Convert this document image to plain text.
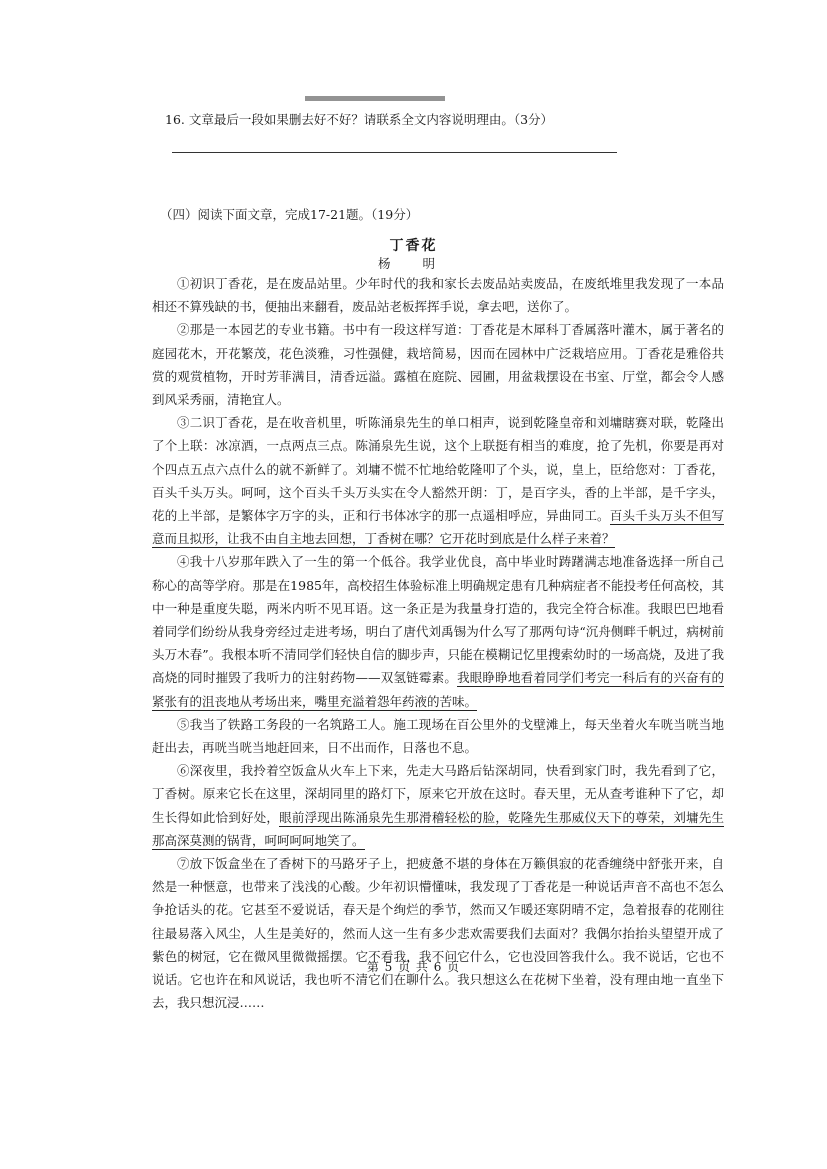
16. 文章最后一段如果删去好不好？请联系全文内容说明理由。（3分）
（四）阅读下面文章，完成17-21题。（19分）
丁香花
杨 明

①初识丁香花，是在废品站里。少年时代的我和家长去废品站卖废品，在废纸堆里我发现了一本品相还不算残缺的书，便抽出来翻看，废品站老板挥挥手说，拿去吧，送你了。

②那是一本园艺的专业书籍。书中有一段这样写道：丁香花是木犀科丁香属落叶灌木，属于著名的庭园花木，开花繁茂，花色淡雅，习性强健，栽培简易，因而在园林中广泛栽培应用。丁香花是雅俗共赏的观赏植物，开时芳菲满目，清香远溢。露植在庭院、园圃，用盆栽摆设在书室、厅堂，都会令人感到风采秀丽，清艳宜人。

③二识丁香花，是在收音机里，听陈涌泉先生的单口相声，说到乾隆皇帝和刘墉瞎赛对联，乾隆出了个上联：冰凉酒，一点两点三点。陈涌泉先生说，这个上联挺有相当的难度，抢了先机，你要是再对个四点五点六点什么的就不新鲜了。刘墉不慌不忙地给乾隆叩了个头，说，皇上，臣给您对：丁香花，百头千头万头。呵呵，这个百头千头万头实在令人豁然开朗：丁，是百字头，香的上半部，是千字头，花的上半部，是繁体字万字的头，正和行书体冰字的那一点遥相呼应，异曲同工。百头千头万头不但写意而且拟形，让我不由自主地去回想，丁香树在哪？它开花时到底是什么样子来着？

④我十八岁那年跌入了一生的第一个低谷。我学业优良，高中毕业时踌躇满志地准备选择一所自己称心的高等学府。那是在1985年，高校招生体验标准上明确规定患有几种病症者不能投考任何高校，其中一种是重度失聪，两米内听不见耳语。这一条正是为我量身打造的，我完全符合标准。我眼巴巴地看着同学们纷纷从我身旁经过走进考场，明白了唐代刘禹锡为什么写了那两句诗“沉舟侧畔千帆过，病树前头万木春”。我根本听不清同学们轻快自信的脚步声，只能在模糊记忆里搜索幼时的一场高烧，及进了我高烧的同时摧毁了我听力的注射药物——双氢链霉素。我眼睁睁地看着同学们考完一科后有的兴奋有的紧张有的沮丧地从考场出来，嘴里充溢着怨年药液的苦味。

⑤我当了铁路工务段的一名筑路工人。施工现场在百公里外的戈壁滩上，每天坐着火车咣当咣当地赶出去，再咣当咣当地赶回来，日不出而作，日落也不息。

⑥深夜里，我拎着空饭盒从火车上下来，先走大马路后钻深胡同，快看到家门时，我先看到了它，丁香树。原来它长在这里，深胡同里的路灯下，原来它开放在这时。春天里，无从查考谁种下了它，却生长得如此恰到好处，眼前浮现出陈涌泉先生那滑稽轻松的脸，乾隆先生那威仪天下的尊荣，刘墉先生那高深莫测的锅背，呵呵呵呵地笑了。

⑦放下饭盒坐在了香树下的马路牙子上，把疲惫不堪的身体在万籁俱寂的花香缠绕中舒张开来，自然是一种惬意，也带来了浅浅的心酸。少年初识懵懂味，我发现了丁香花是一种说话声音不高也不怎么争抢话头的花。它甚至不爱说话，春天是个绚烂的季节，然而又乍暖还寒阴晴不定，急着报春的花刚往往最易落入风尘，人生是美好的，然而人这一生有多少悲欢需要我们去面对？我偶尔抬抬头望望开成了紫色的树冠，它在微风里微微摇摆。它不看我，我不问它什么，它也没回答我什么。我不说话，它也不说话。它也许在和风说话，我也听不清它们在聊什么。我只想这么在花树下坐着，没有理由地一直坐下去，我只想沉浸……

第 5 页 共 6 页
